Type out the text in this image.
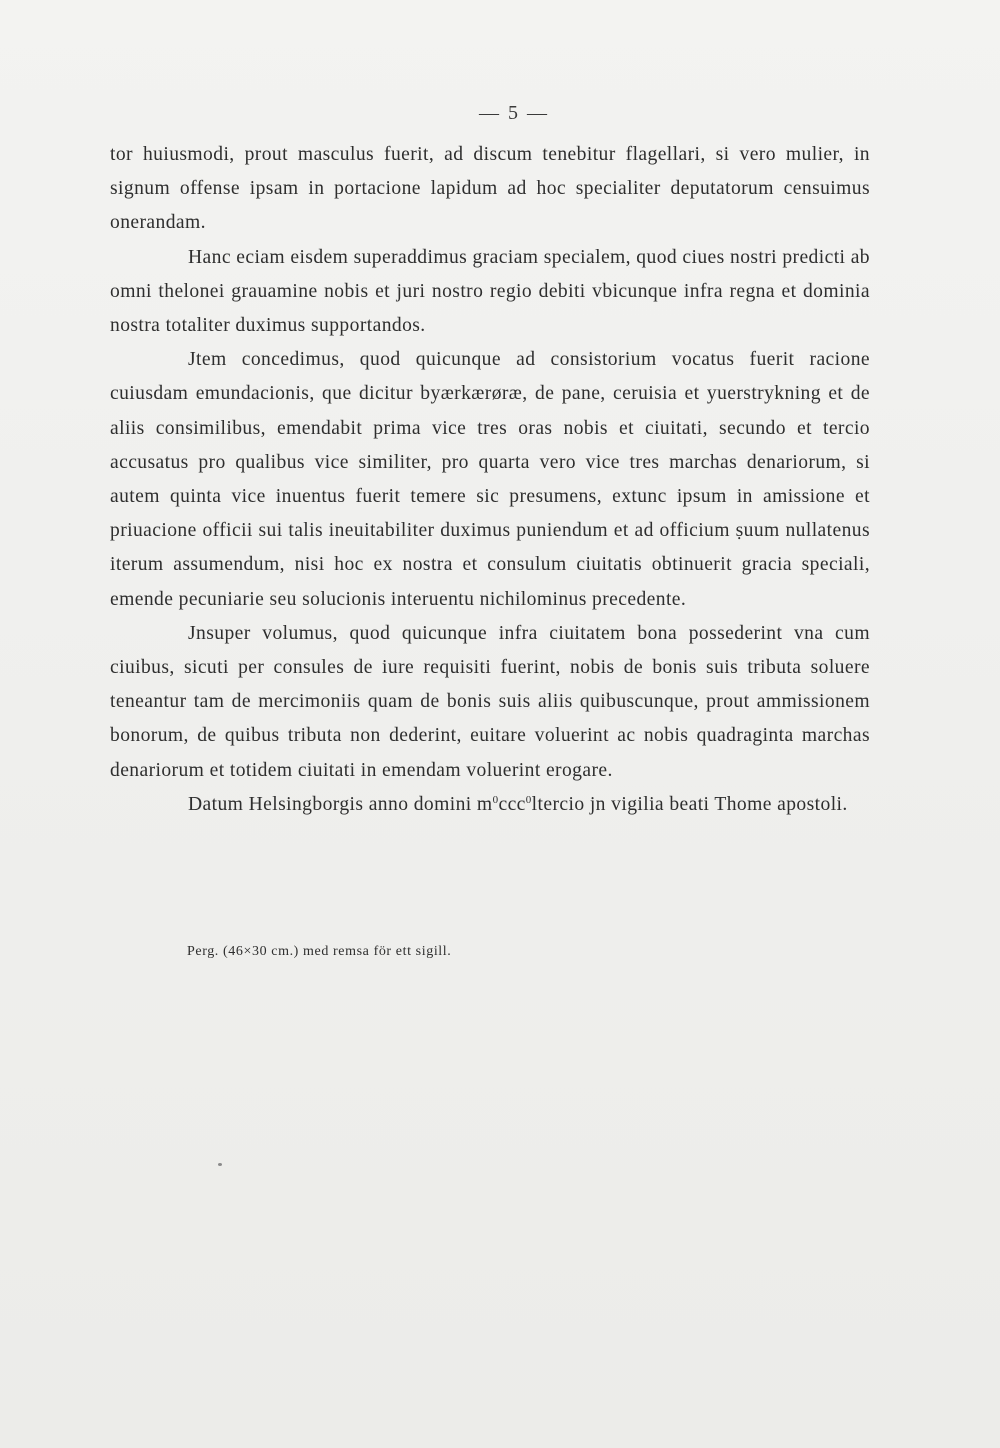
— 5 —

tor huiusmodi, prout masculus fuerit, ad discum tenebitur flagellari, si vero mulier, in signum offense ipsam in portacione lapidum ad hoc specialiter deputatorum censuimus onerandam.

Hanc eciam eisdem superaddimus graciam specialem, quod ciues nostri predicti ab omni thelonei grauamine nobis et juri nostro regio debiti vbicunque infra regna et dominia nostra totaliter duximus supportandos.

Jtem concedimus, quod quicunque ad consistorium vocatus fuerit racione cuiusdam emundacionis, que dicitur byærkærøræ, de pane, ceruisia et yuerstrykning et de aliis consimilibus, emendabit prima vice tres oras nobis et ciuitati, secundo et tercio accusatus pro qualibus vice similiter, pro quarta vero vice tres marchas denariorum, si autem quinta vice inuentus fuerit temere sic presumens, extunc ipsum in amissione et priuacione officii sui talis ineuitabiliter duximus puniendum et ad officium ṣuum nullatenus iterum assumendum, nisi hoc ex nostra et consulum ciuitatis obtinuerit gracia speciali, emende pecuniarie seu solucionis interuentu nichilominus precedente.

Jnsuper volumus, quod quicunque infra ciuitatem bona possederint vna cum ciuibus, sicuti per consules de iure requisiti fuerint, nobis de bonis suis tributa soluere teneantur tam de mercimoniis quam de bonis suis aliis quibuscunque, prout ammissionem bonorum, de quibus tributa non dederint, euitare voluerint ac nobis quadraginta marchas denariorum et totidem ciuitati in emendam voluerint erogare.

Datum Helsingborgis anno domini $m^0ccc^0ltercio$ jn vigilia beati Thome apostoli.

Perg. (46×30 cm.) med remsa för ett sigill.
